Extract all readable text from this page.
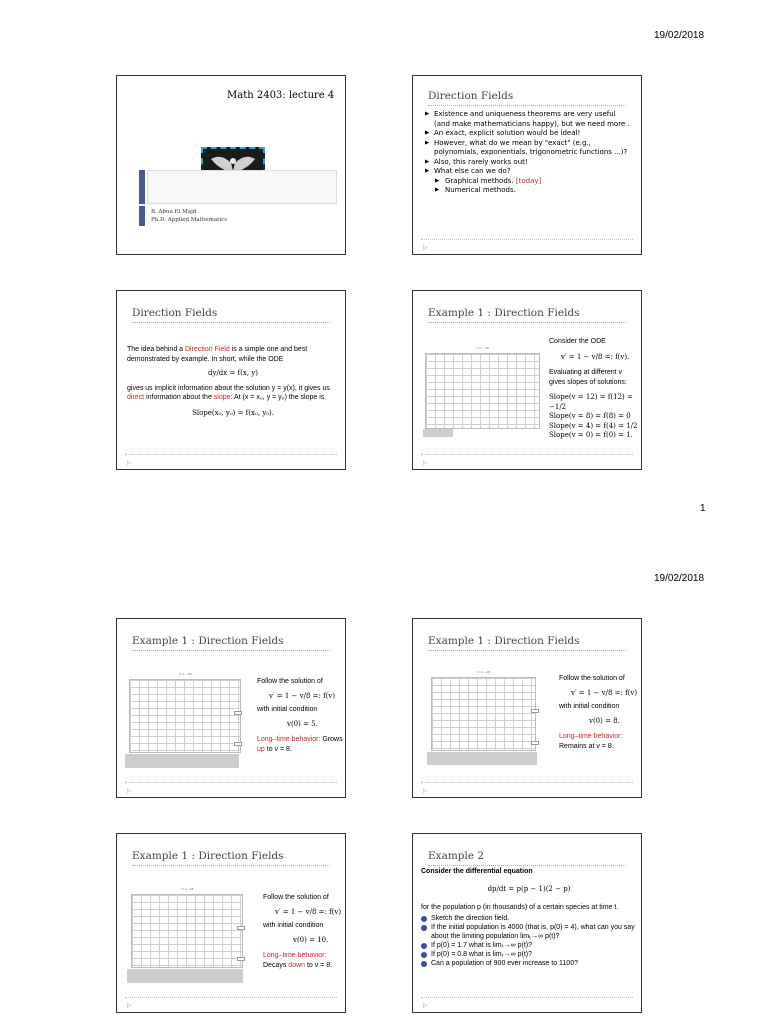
19/02/2018
Math 2403: lecture 4
B. Abou El Majd
Ph.D. Applied Mathematics
Direction Fields
▶ Existence and uniqueness theorems are very useful (and make mathematicians happy), but we need more .
▶ An exact, explicit solution would be ideal!
▶ However, what do we mean by "exact" (e.g., polynomials, exponentials, trigonometric functions ...)?
▶ Also, this rarely works out!
▶ What else can we do?
▶ Graphical methods. [today]
▶ Numerical methods.
▷
Direction Fields
The idea behind a Direction Field is a simple one and best
demonstrated by example. In short, while the ODE
dy/dx = f(x, y)
gives us implicit information about the solution y = y(x), it gives us
direct information about the slope: At (x = x₀, y = y₀) the slope is
Slope(x₀, y₀) = f(x₀, y₀).
▷
Example 1 : Direction Fields
f = 1 - v/8
Consider the ODE
v′ = 1 − v/8 =: f(v).
Evaluating at different v
gives slopes of solutions:
Slope(v = 12) = f(12) = −1/2
Slope(v = 8) = f(8) = 0
Slope(v = 4) = f(4) = 1/2
Slope(v = 0) = f(0) = 1.
▷
1
19/02/2018
Example 1 : Direction Fields
f = 1 - v/8
Follow the solution of
v′ = 1 − v/8 =: f(v)
with initial condition
v(0) = 5.
Long–time behavior: Grows
up to v = 8.
▷
Example 1 : Direction Fields
f = 1 - v/8
Follow the solution of
v′ = 1 − v/8 =: f(v)
with initial condition
v(0) = 8.
Long–time behavior:
Remains at v = 8.
▷
Example 1 : Direction Fields
f = 1 - v/8
Follow the solution of
v′ = 1 − v/8 =: f(v)
with initial condition
v(0) = 10.
Long–time behavior:
Decays down to v = 8.
▷
Example 2
Consider the differential equation
dp/dt = p(p − 1)(2 − p)
for the population p (in thousands) of a certain species at time t.
Sketch the direction field.
If the initial population is 4000 (that is, p(0) = 4), what can you say about the limiting population limₜ→∞ p(t)?
If p(0) = 1.7 what is limₜ→∞ p(t)?
If p(0) = 0.8 what is limₜ→∞ p(t)?
Can a population of 900 ever increase to 1100?
▷
